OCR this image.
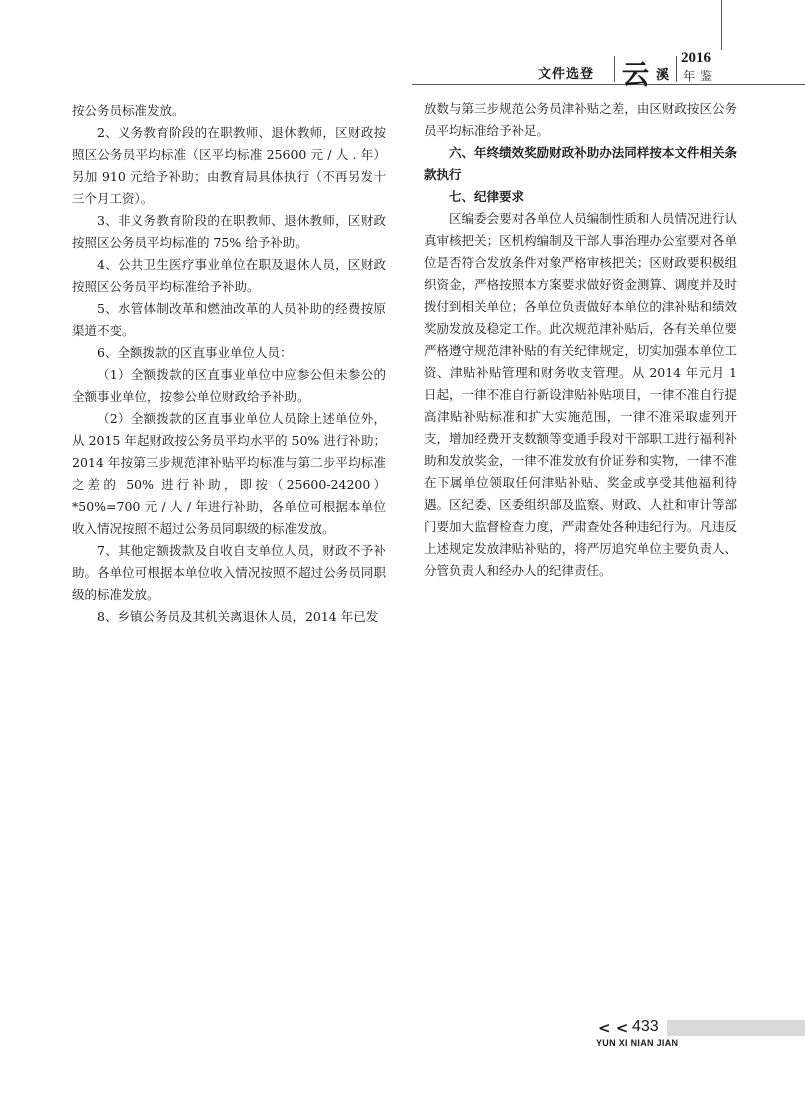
文件选登 云 溪
2016
年鉴

按公务员标准发放。

2、义务教育阶段的在职教师、退休教师，区财政按照区公务员平均标准（区平均标准 25600 元 / 人 . 年）另加 910 元给予补助；由教育局具体执行（不再另发十三个月工资）。

3、非义务教育阶段的在职教师、退休教师，区财政按照区公务员平均标准的 75% 给予补助。

4、公共卫生医疗事业单位在职及退休人员，区财政按照区公务员平均标准给予补助。

5、水管体制改革和燃油改革的人员补助的经费按原渠道不变。

6、全额拨款的区直事业单位人员：

（1）全额拨款的区直事业单位中应参公但未参公的全额事业单位，按参公单位财政给予补助。

（2）全额拨款的区直事业单位人员除上述单位外，从 2015 年起财政按公务员平均水平的 50% 进行补助；2014 年按第三步规范津补贴平均标准与第二步平均标准之差的 50% 进行补助，即按（25600-24200）*50%=700 元 / 人 / 年进行补助，各单位可根据本单位收入情况按照不超过公务员同职级的标准发放。

7、其他定额拨款及自收自支单位人员，财政不予补助。各单位可根据本单位收入情况按照不超过公务员同职级的标准发放。

8、乡镇公务员及其机关离退休人员，2014 年已发

放数与第三步规范公务员津补贴之差，由区财政按区公务员平均标准给予补足。

六、年终绩效奖励财政补助办法同样按本文件相关条款执行

七、纪律要求

区编委会要对各单位人员编制性质和人员情况进行认真审核把关；区机构编制及干部人事治理办公室要对各单位是否符合发放条件对象严格审核把关；区财政要积极组织资金，严格按照本方案要求做好资金测算、调度并及时拨付到相关单位；各单位负责做好本单位的津补贴和绩效奖励发放及稳定工作。此次规范津补贴后，各有关单位要严格遵守规范津补贴的有关纪律规定，切实加强本单位工资、津贴补贴管理和财务收支管理。从 2014 年元月 1 日起，一律不准自行新设津贴补贴项目，一律不准自行提高津贴补贴标准和扩大实施范围，一律不准采取虚列开支，增加经费开支数额等变通手段对干部职工进行福利补助和发放奖金，一律不准发放有价证券和实物，一律不准在下属单位领取任何津贴补贴、奖金或享受其他福利待遇。区纪委、区委组织部及监察、财政、人社和审计等部门要加大监督检查力度，严肃查处各种违纪行为。凡违反上述规定发放津贴补贴的，将严厉追究单位主要负责人、分管负责人和经办人的纪律责任。

< < 433
YUN XI NIAN JIAN
